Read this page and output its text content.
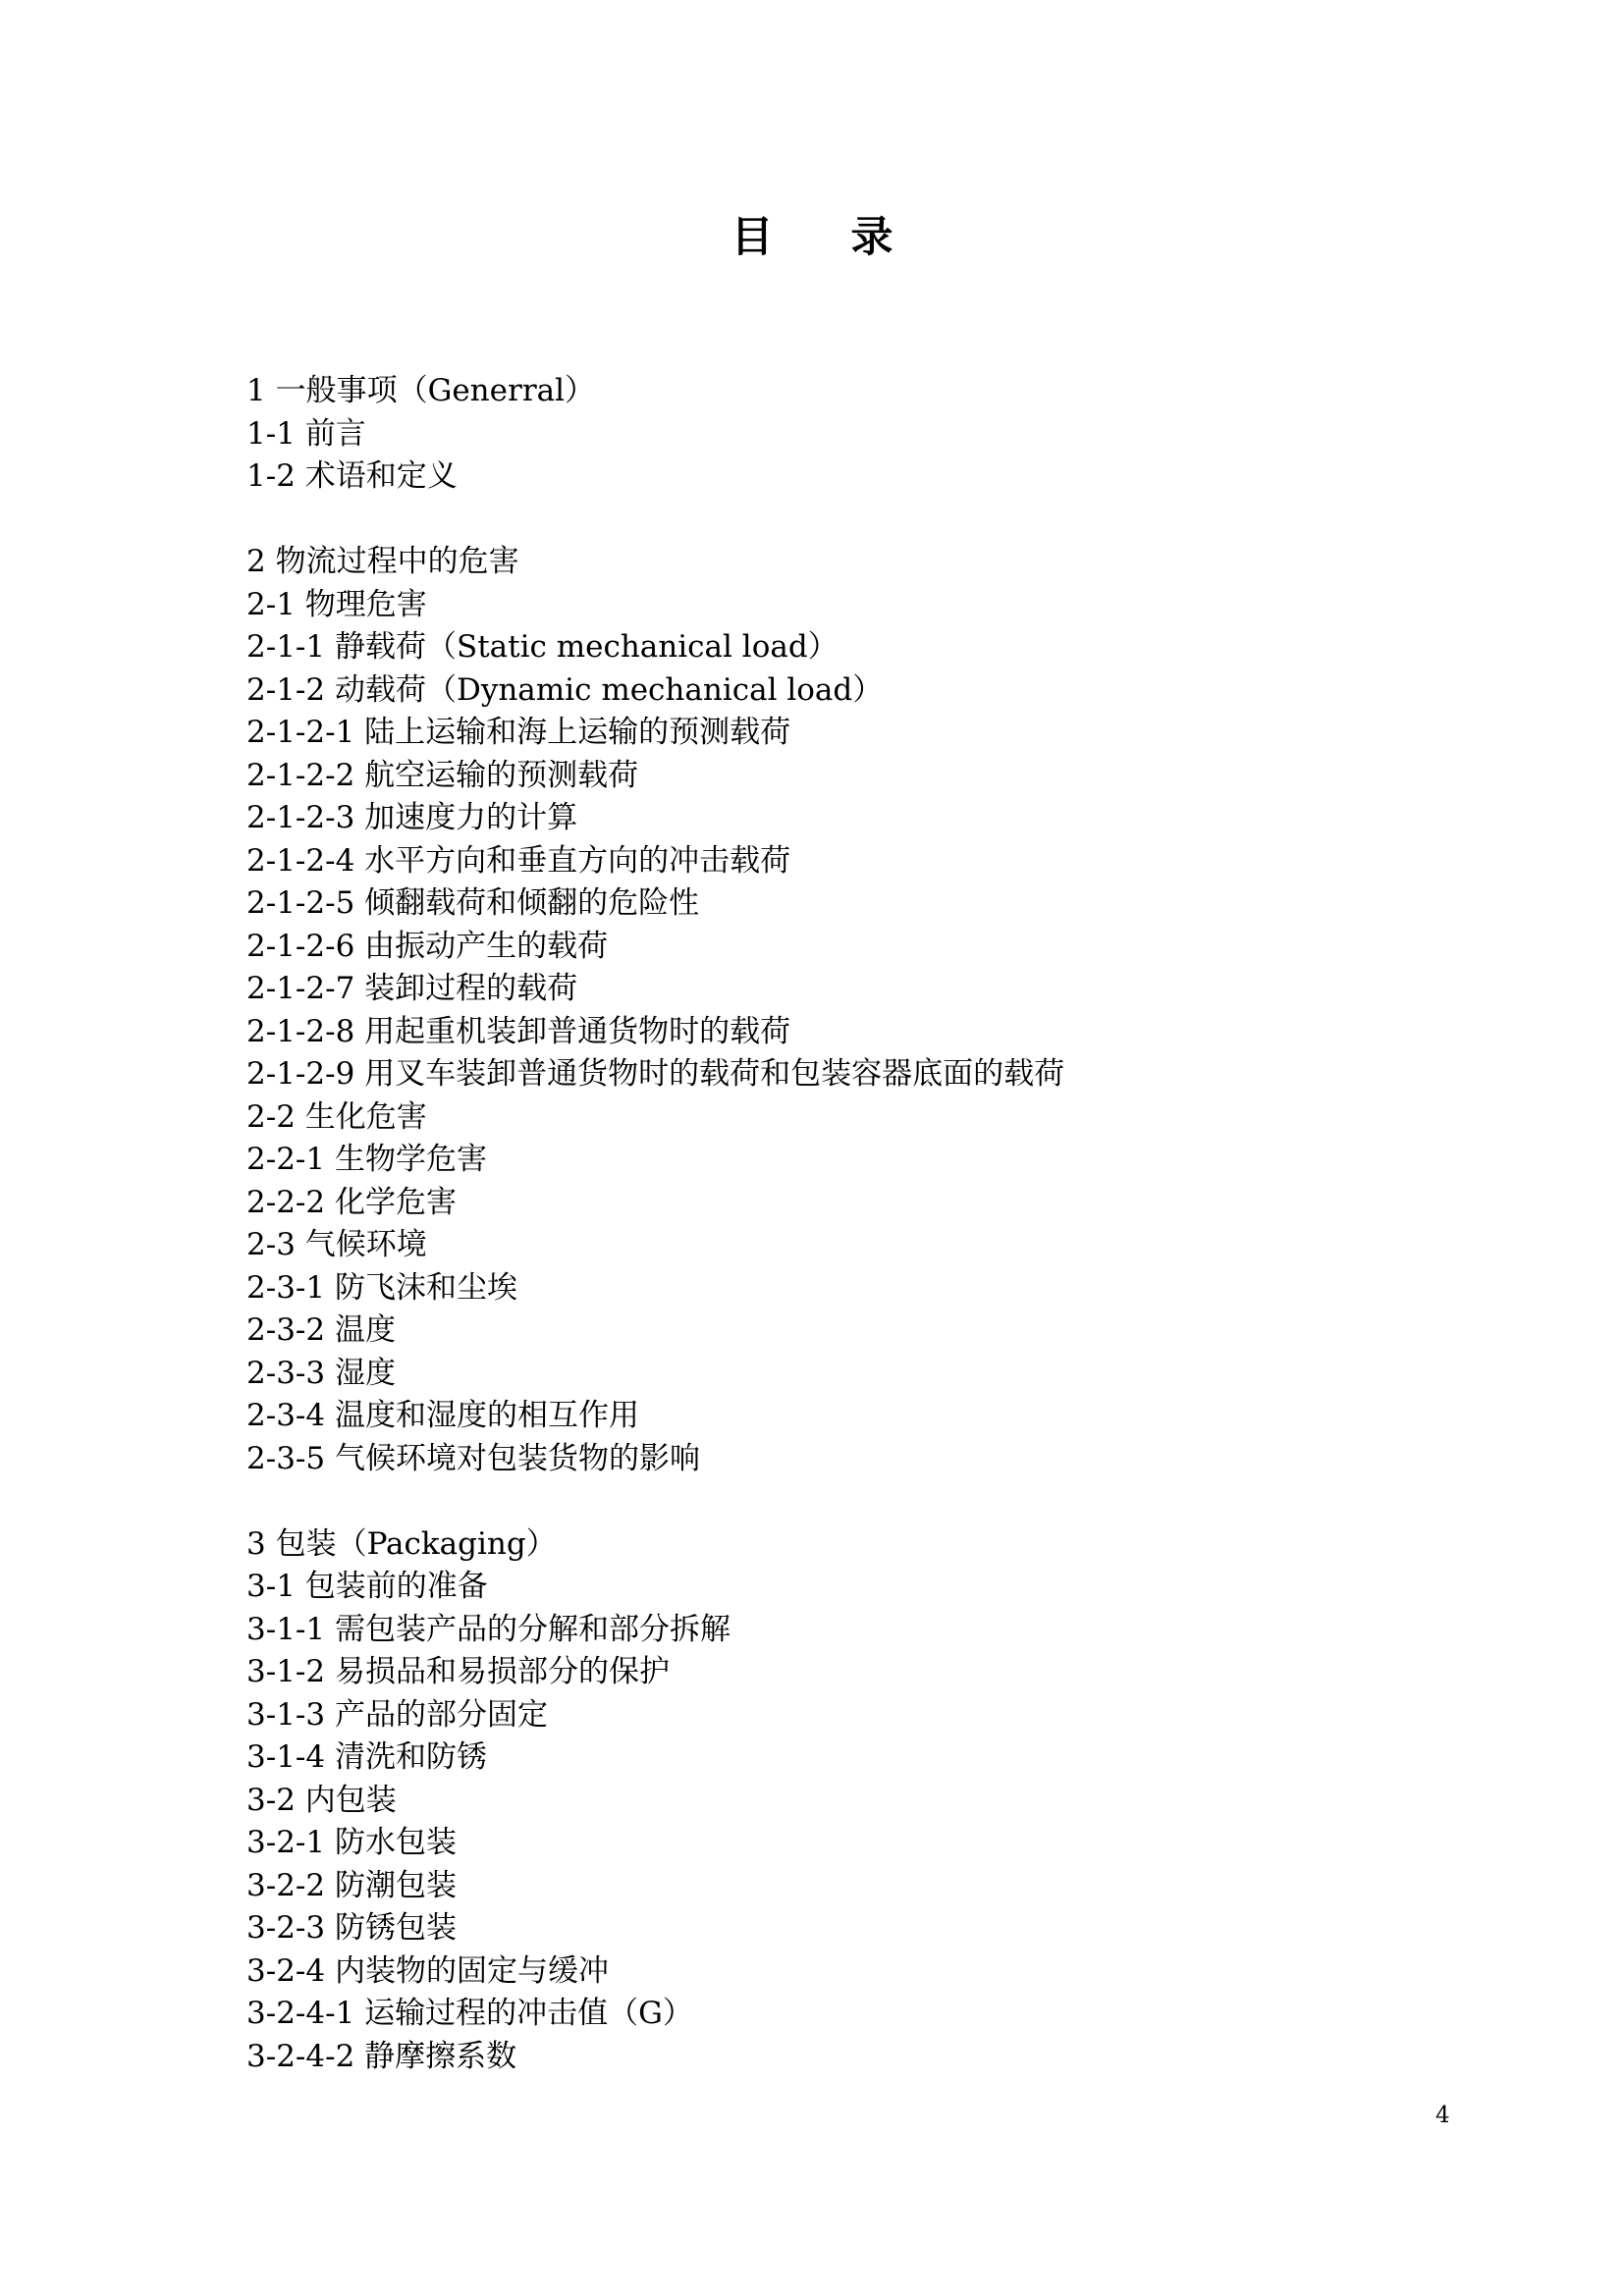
目 录
1 一般事项（Generral）
1-1 前言
1-2 术语和定义
2 物流过程中的危害
2-1 物理危害
2-1-1 静载荷（Static mechanical load）
2-1-2 动载荷（Dynamic mechanical load）
2-1-2-1 陆上运输和海上运输的预测载荷
2-1-2-2 航空运输的预测载荷
2-1-2-3 加速度力的计算
2-1-2-4 水平方向和垂直方向的冲击载荷
2-1-2-5 倾翻载荷和倾翻的危险性
2-1-2-6 由振动产生的载荷
2-1-2-7 装卸过程的载荷
2-1-2-8 用起重机装卸普通货物时的载荷
2-1-2-9 用叉车装卸普通货物时的载荷和包装容器底面的载荷
2-2 生化危害
2-2-1 生物学危害
2-2-2 化学危害
2-3 气候环境
2-3-1 防飞沫和尘埃
2-3-2 温度
2-3-3 湿度
2-3-4 温度和湿度的相互作用
2-3-5 气候环境对包装货物的影响
3 包装（Packaging）
3-1 包装前的准备
3-1-1 需包装产品的分解和部分拆解
3-1-2 易损品和易损部分的保护
3-1-3 产品的部分固定
3-1-4 清洗和防锈
3-2 内包装
3-2-1 防水包装
3-2-2 防潮包装
3-2-3 防锈包装
3-2-4 内装物的固定与缓冲
3-2-4-1 运输过程的冲击值（G）
3-2-4-2 静摩擦系数
4
